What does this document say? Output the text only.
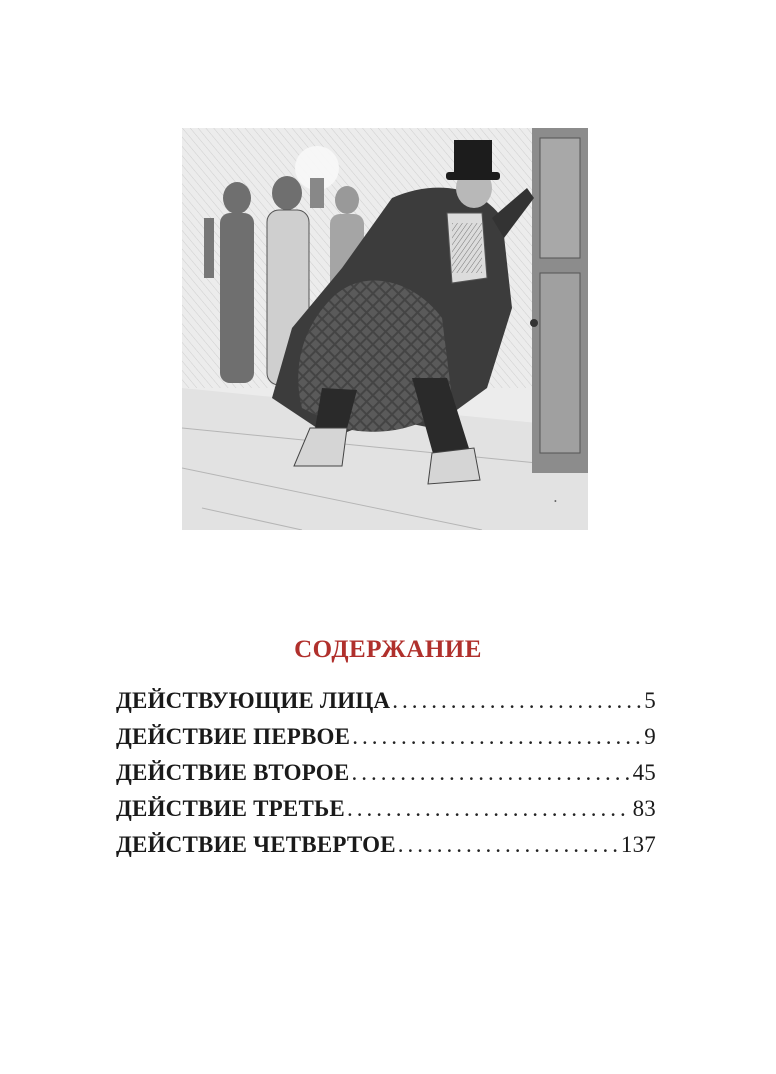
•
СОДЕРЖАНИЕ
ДЕЙСТВУЮЩИЕ ЛИЦА .....	5
ДЕЙСТВИЕ ПЕРВОЕ .....	9
ДЕЙСТВИЕ ВТОРОЕ .....	45
ДЕЙСТВИЕ ТРЕТЬЕ .....	83
ДЕЙСТВИЕ ЧЕТВЕРТОЕ .....	137
